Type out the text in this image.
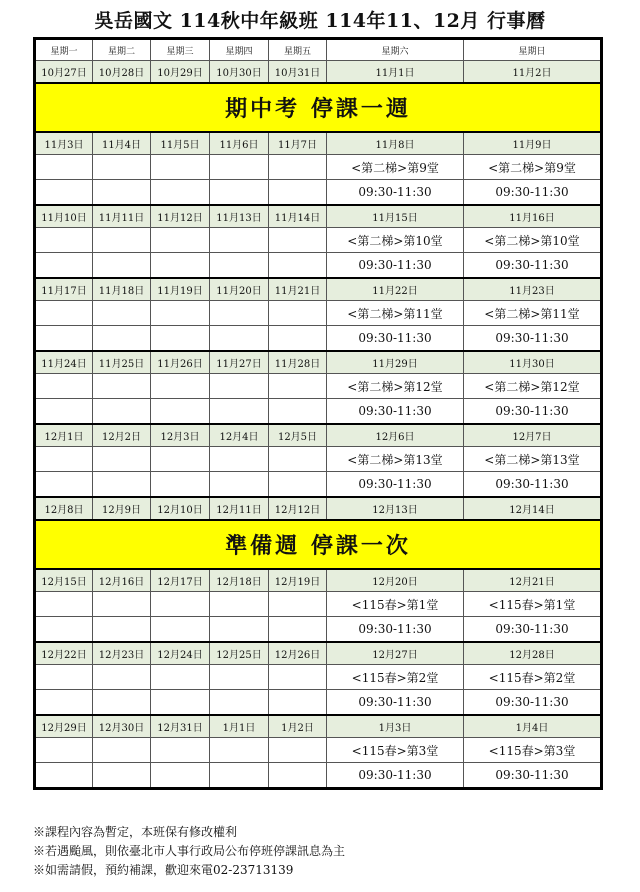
吳岳國文 114秋中年級班 114年11、12月 行事曆
星期一	星期二	星期三	星期四	星期五	星期六	星期日
10月27日	10月28日	10月29日	10月30日	10月31日	11月1日	11月2日
期中考 停課一週						
11月3日	11月4日	11月5日	11月6日	11月7日	11月8日	11月9日
					<第二梯>第9堂	<第二梯>第9堂
					09:30-11:30	09:30-11:30
11月10日	11月11日	11月12日	11月13日	11月14日	11月15日	11月16日
					<第二梯>第10堂	<第二梯>第10堂
					09:30-11:30	09:30-11:30
11月17日	11月18日	11月19日	11月20日	11月21日	11月22日	11月23日
					<第二梯>第11堂	<第二梯>第11堂
					09:30-11:30	09:30-11:30
11月24日	11月25日	11月26日	11月27日	11月28日	11月29日	11月30日
					<第二梯>第12堂	<第二梯>第12堂
					09:30-11:30	09:30-11:30
12月1日	12月2日	12月3日	12月4日	12月5日	12月6日	12月7日
					<第二梯>第13堂	<第二梯>第13堂
					09:30-11:30	09:30-11:30
12月8日	12月9日	12月10日	12月11日	12月12日	12月13日	12月14日
準備週 停課一次						
12月15日	12月16日	12月17日	12月18日	12月19日	12月20日	12月21日
					<115春>第1堂	<115春>第1堂
					09:30-11:30	09:30-11:30
12月22日	12月23日	12月24日	12月25日	12月26日	12月27日	12月28日
					<115春>第2堂	<115春>第2堂
					09:30-11:30	09:30-11:30
12月29日	12月30日	12月31日	1月1日	1月2日	1月3日	1月4日
					<115春>第3堂	<115春>第3堂
					09:30-11:30	09:30-11:30
※課程內容為暫定，本班保有修改權利
※若遇颱風，則依臺北市人事行政局公布停班停課訊息為主
※如需請假，預約補課，歡迎來電02-23713139
